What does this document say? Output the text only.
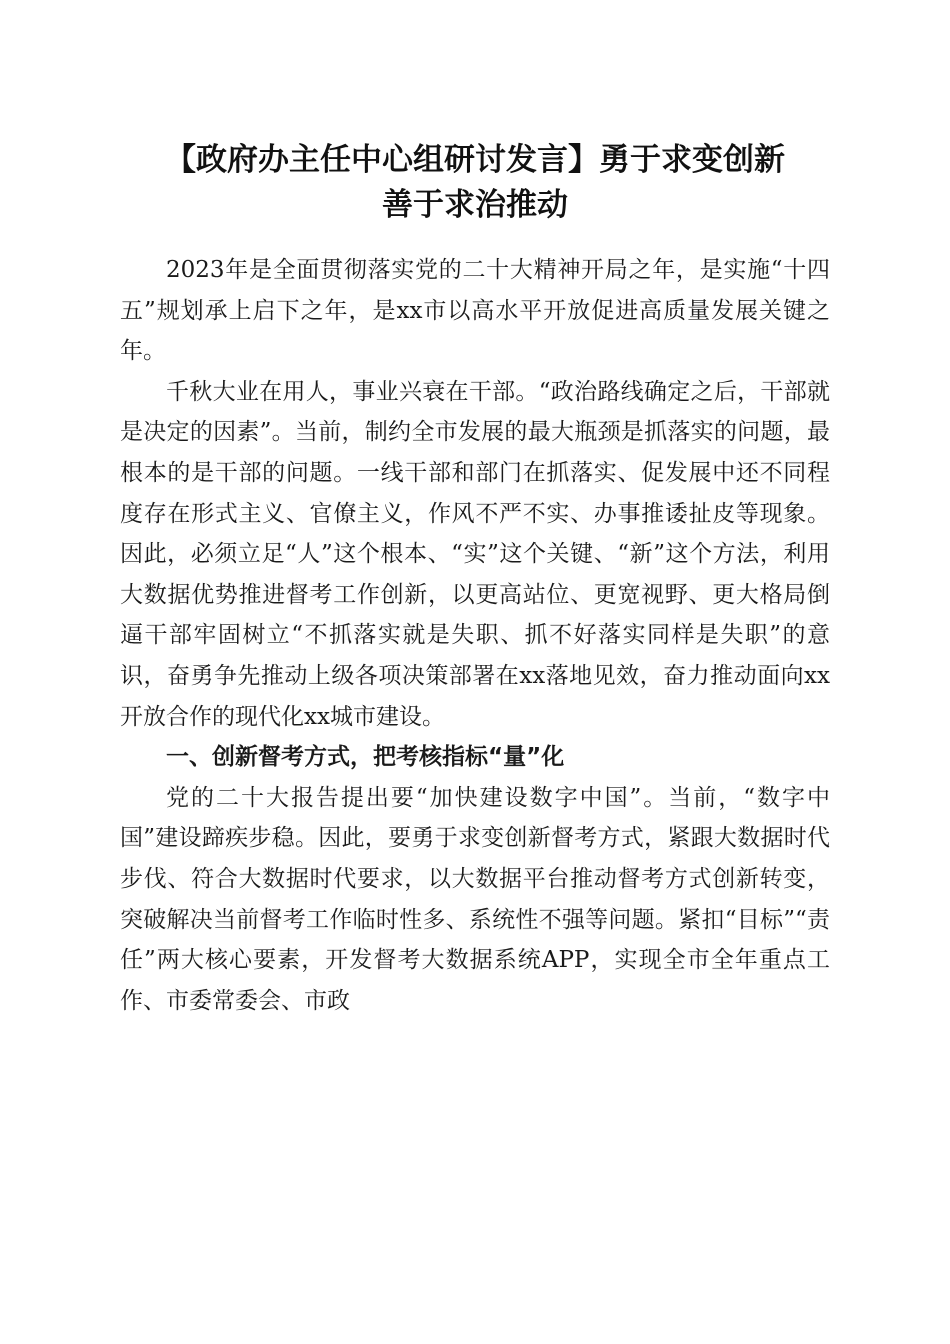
【政府办主任中心组研讨发言】勇于求变创新
善于求治推动

2023年是全面贯彻落实党的二十大精神开局之年，是实施“十四五”规划承上启下之年，是xx市以高水平开放促进高质量发展关键之年。

千秋大业在用人，事业兴衰在干部。“政治路线确定之后，干部就是决定的因素”。当前，制约全市发展的最大瓶颈是抓落实的问题，最根本的是干部的问题。一线干部和部门在抓落实、促发展中还不同程度存在形式主义、官僚主义，作风不严不实、办事推诿扯皮等现象。因此，必须立足“人”这个根本、“实”这个关键、“新”这个方法，利用大数据优势推进督考工作创新，以更高站位、更宽视野、更大格局倒逼干部牢固树立“不抓落实就是失职、抓不好落实同样是失职”的意识，奋勇争先推动上级各项决策部署在xx落地见效，奋力推动面向xx开放合作的现代化xx城市建设。

一、创新督考方式，把考核指标“量”化

党的二十大报告提出要“加快建设数字中国”。当前，“数字中国”建设蹄疾步稳。因此，要勇于求变创新督考方式，紧跟大数据时代步伐、符合大数据时代要求，以大数据平台推动督考方式创新转变，突破解决当前督考工作临时性多、系统性不强等问题。紧扣“目标”“责任”两大核心要素，开发督考大数据系统APP，实现全市全年重点工作、市委常委会、市政
